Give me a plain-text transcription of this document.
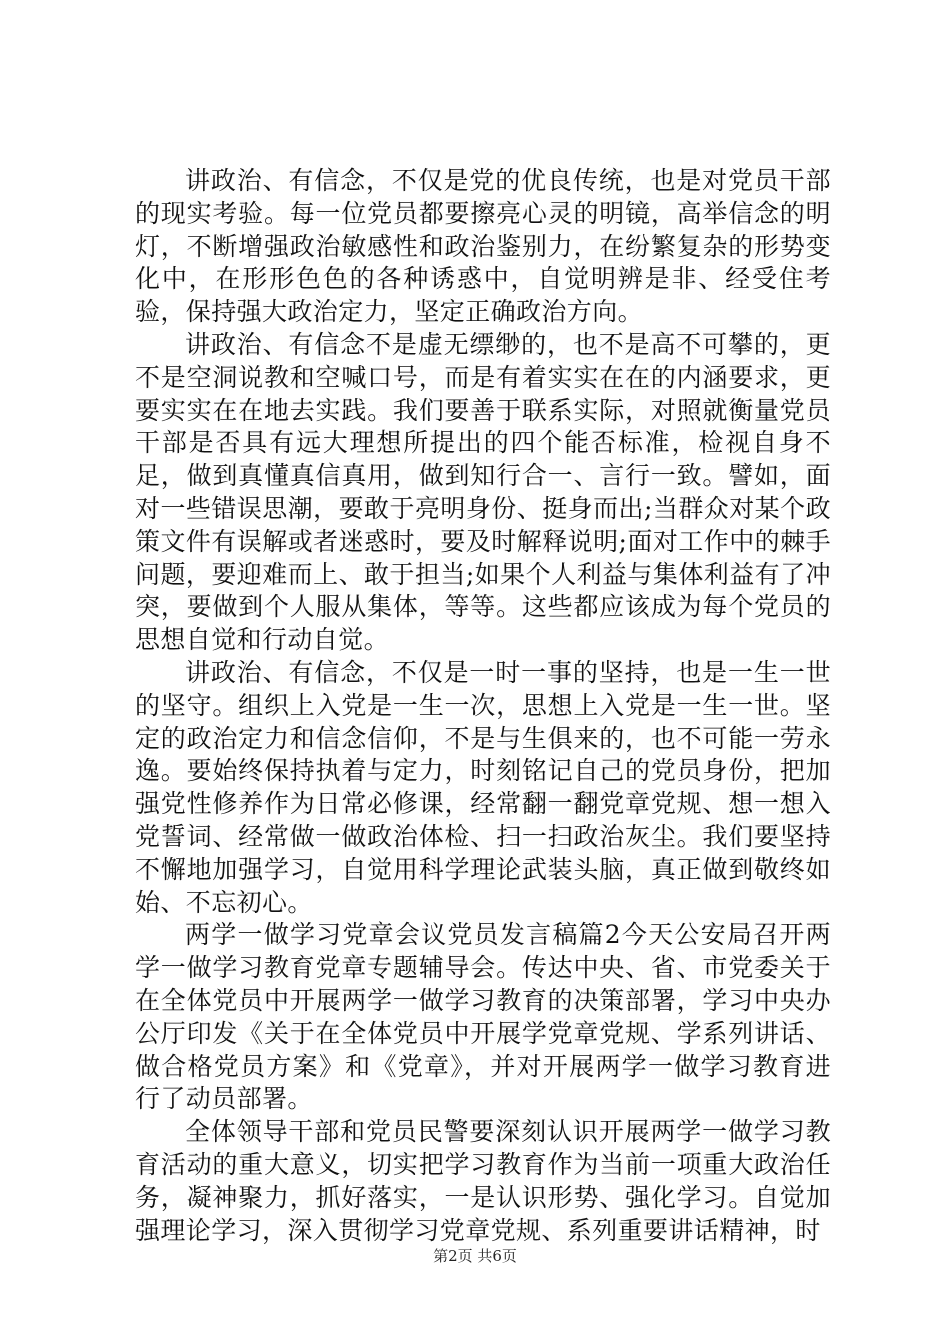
讲政治、有信念，不仅是党的优良传统，也是对党员干部的现实考验。每一位党员都要擦亮心灵的明镜，高举信念的明灯，不断增强政治敏感性和政治鉴别力，在纷繁复杂的形势变化中，在形形色色的各种诱惑中，自觉明辨是非、经受住考验，保持强大政治定力，坚定正确政治方向。

讲政治、有信念不是虚无缥缈的，也不是高不可攀的，更不是空洞说教和空喊口号，而是有着实实在在的内涵要求，更要实实在在地去实践。我们要善于联系实际，对照就衡量党员干部是否具有远大理想所提出的四个能否标准，检视自身不足，做到真懂真信真用，做到知行合一、言行一致。譬如，面对一些错误思潮，要敢于亮明身份、挺身而出;当群众对某个政策文件有误解或者迷惑时，要及时解释说明;面对工作中的棘手问题，要迎难而上、敢于担当;如果个人利益与集体利益有了冲突，要做到个人服从集体，等等。这些都应该成为每个党员的思想自觉和行动自觉。

讲政治、有信念，不仅是一时一事的坚持，也是一生一世的坚守。组织上入党是一生一次，思想上入党是一生一世。坚定的政治定力和信念信仰，不是与生俱来的，也不可能一劳永逸。要始终保持执着与定力，时刻铭记自己的党员身份，把加强党性修养作为日常必修课，经常翻一翻党章党规、想一想入党誓词、经常做一做政治体检、扫一扫政治灰尘。我们要坚持不懈地加强学习，自觉用科学理论武装头脑，真正做到敬终如始、不忘初心。

两学一做学习党章会议党员发言稿篇2今天公安局召开两学一做学习教育党章专题辅导会。传达中央、省、市党委关于在全体党员中开展两学一做学习教育的决策部署，学习中央办公厅印发《关于在全体党员中开展学党章党规、学系列讲话、做合格党员方案》和《党章》，并对开展两学一做学习教育进行了动员部署。

全体领导干部和党员民警要深刻认识开展两学一做学习教育活动的重大意义，切实把学习教育作为当前一项重大政治任务，凝神聚力，抓好落实，一是认识形势、强化学习。自觉加强理论学习，深入贯彻学习党章党规、系列重要讲话精神，时

第2页 共6页
